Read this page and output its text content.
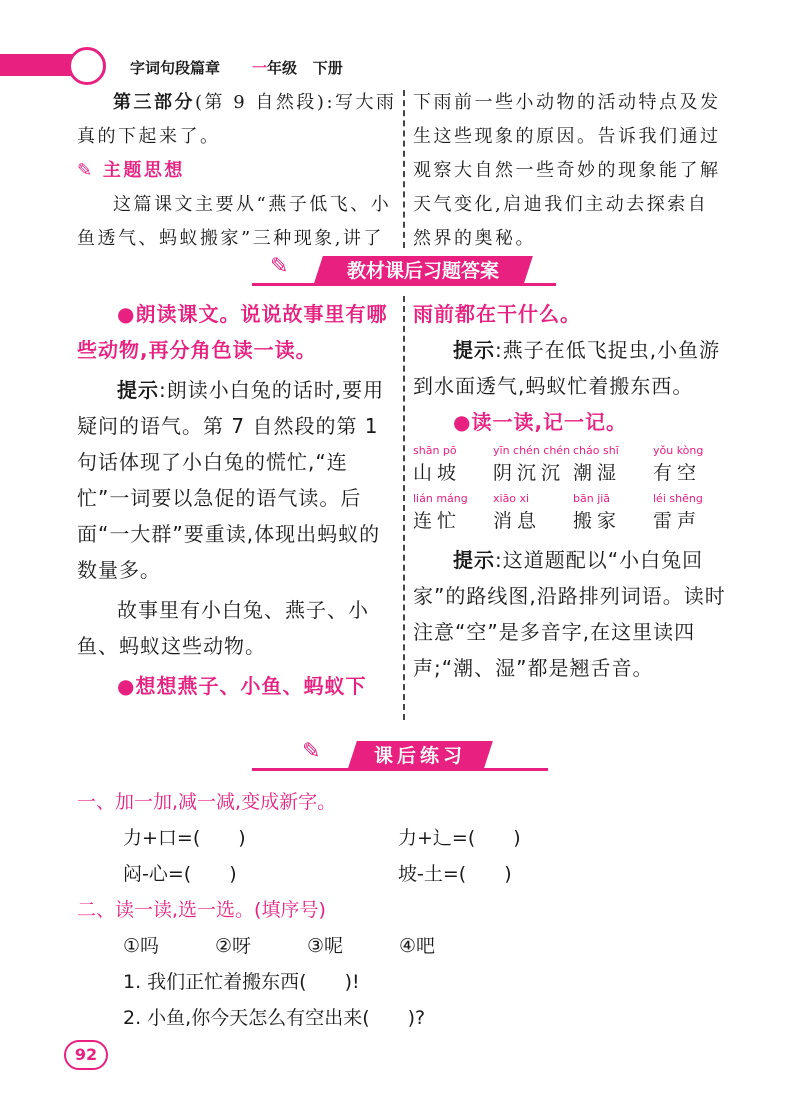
字词句段篇章 一年级 下册
第三部分(第 9 自然段):写大雨真的下起来了。
✎ 主题思想
这篇课文主要从“燕子低飞、小鱼透气、蚂蚁搬家”三种现象,讲了
下雨前一些小动物的活动特点及发生这些现象的原因。告诉我们通过观察大自然一些奇妙的现象能了解天气变化,启迪我们主动去探索自然界的奥秘。
✎	教材课后习题答案
●朗读课文。说说故事里有哪些动物,再分角色读一读。
提示:朗读小白兔的话时,要用疑问的语气。第 7 自然段的第 1 句话体现了小白兔的慌忙,“连忙”一词要以急促的语气读。后面“一大群”要重读,体现出蚂蚁的数量多。
故事里有小白兔、燕子、小鱼、蚂蚁这些动物。
●想想燕子、小鱼、蚂蚁下
雨前都在干什么。
提示:燕子在低飞捉虫,小鱼游到水面透气,蚂蚁忙着搬东西。
●读一读,记一记。
shān pō	yīn chén chén cháo shī	yǒu kòng
山坡	阴沉沉 潮湿	有空
lián máng	xiāo xi	bān jiā	léi shēng
连忙	消息	搬家	雷声
提示:这道题配以“小白兔回家”的路线图,沿路排列词语。读时注意“空”是多音字,在这里读四声;“潮、湿”都是翘舌音。
✎	课后练习
一、加一加,减一减,变成新字。
力+口=(　　)	力+辶=(　　)
闷-心=(　　)	坡-土=(　　)
二、读一读,选一选。(填序号)
①吗	②呀	③呢	④吧
1. 我们正忙着搬东西(　　)!
2. 小鱼,你今天怎么有空出来(　　)?
92
